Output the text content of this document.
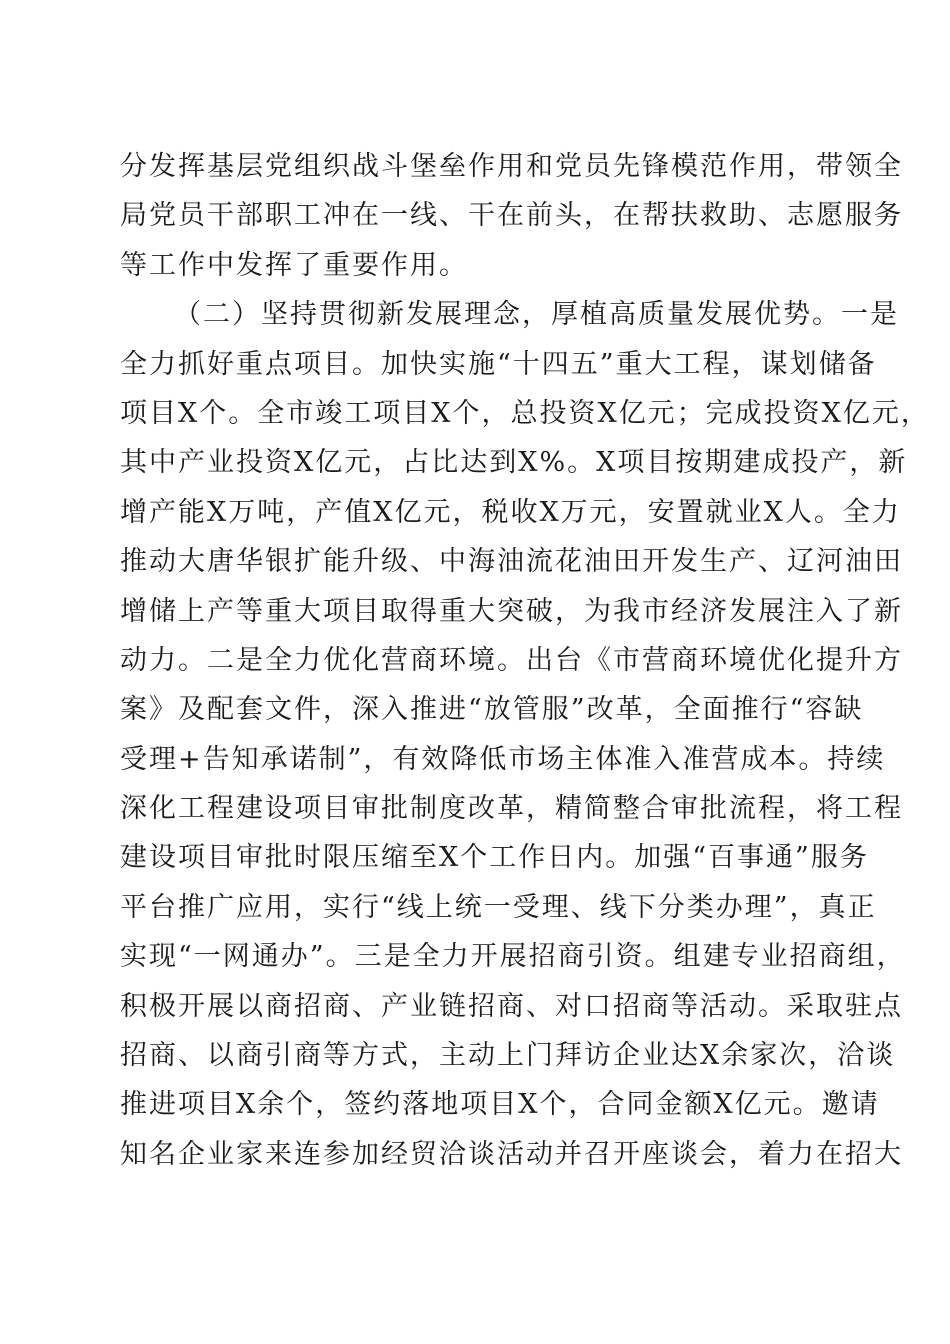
分发挥基层党组织战斗堡垒作用和党员先锋模范作用，带领全
局党员干部职工冲在一线、干在前头，在帮扶救助、志愿服务
等工作中发挥了重要作用。
（二）坚持贯彻新发展理念，厚植高质量发展优势。一是
全力抓好重点项目。加快实施“十四五”重大工程，谋划储备
项目X个。全市竣工项目X个，总投资X亿元；完成投资X亿元，
其中产业投资X亿元，占比达到X%。X项目按期建成投产，新
增产能X万吨，产值X亿元，税收X万元，安置就业X人。全力
推动大唐华银扩能升级、中海油流花油田开发生产、辽河油田
增储上产等重大项目取得重大突破，为我市经济发展注入了新
动力。二是全力优化营商环境。出台《市营商环境优化提升方
案》及配套文件，深入推进“放管服”改革，全面推行“容缺
受理+告知承诺制”，有效降低市场主体准入准营成本。持续
深化工程建设项目审批制度改革，精简整合审批流程，将工程
建设项目审批时限压缩至X个工作日内。加强“百事通”服务
平台推广应用，实行“线上统一受理、线下分类办理”，真正
实现“一网通办”。三是全力开展招商引资。组建专业招商组，
积极开展以商招商、产业链招商、对口招商等活动。采取驻点
招商、以商引商等方式，主动上门拜访企业达X余家次，洽谈
推进项目X余个，签约落地项目X个，合同金额X亿元。邀请
知名企业家来连参加经贸洽谈活动并召开座谈会，着力在招大
